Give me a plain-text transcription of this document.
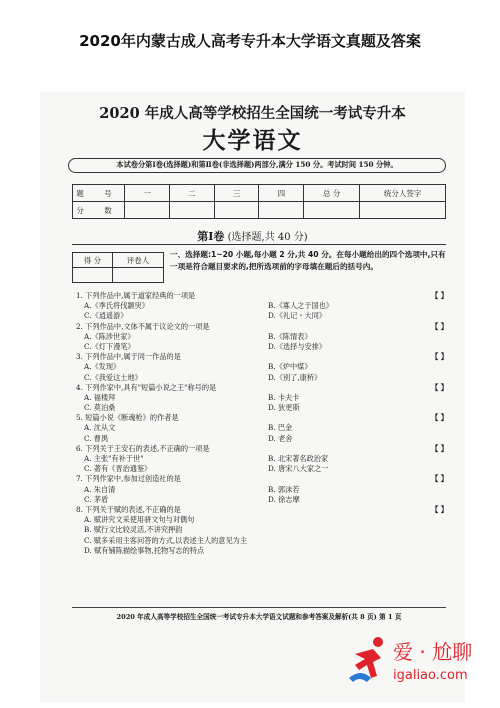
2020年内蒙古成人高考专升本大学语文真题及答案
2020 年成人高等学校招生全国统一考试专升本
大学语文
本试卷分第Ⅰ卷(选择题)和第Ⅱ卷(非选择题)两部分,满分 150 分。考试时间 150 分钟。
题 号	一	二	三	四	总 分	统分人签字
分 数						
第Ⅰ卷 (选择题,共 40 分)
得 分	评卷人

一、选择题:1~20 小题,每小题 2 分,共 40 分。在每小题给出的四个选项中,只有一项是符合题目要求的,把所选项前的字母填在题后的括号内。
1. 下列作品中,属于道家经典的一项是	【 】
A.《季氏将伐颛臾》	B.《寡人之于国也》
C.《逍遥游》	D.《礼记・大同》
2. 下列作品中,文体不属于议论文的一项是	【 】
A.《陈涉世家》	B.《陈情表》
C.《灯下漫笔》	D.《选择与安排》
3. 下列作品中,属于同一作品的是	【 】
A.《发现》	B.《炉中煤》
C.《我爱这土地》	D.《别了,康桥》
4. 下列作家中,具有"短篇小说之王"称号的是	【 】
A. 福楼拜	B. 卡夫卡
C. 莫泊桑	D. 狄更斯
5. 短篇小说《断魂枪》的作者是	【 】
A. 沈从文	B. 巴金
C. 曹禺	D. 老舍
6. 下列关于王安石的表述,不正确的一项是	【 】
A. 主张"有补于世"	B. 北宋著名政治家
C. 著有《晋治通鉴》	D. 唐宋八大家之一
7. 下列作家中,参加过创造社的是	【 】
A. 朱自清	B. 郭沫若
C. 茅盾	D. 徐志摩
8. 下列关于赋的表述,不正确的是	【 】
A. 赋讲究文采使用骈文句与对偶句
B. 赋行文比较灵活,不讲究押韵
C. 赋多采用主客问答的方式,以表述主人的意见为主
D. 赋有铺陈描绘事物,托物写志的特点
2020 年成人高等学校招生全国统一考试专升本大学语文试题和参考答案及解析(共 8 页) 第 1 页
爱 · 尬聊
igaliao.com
